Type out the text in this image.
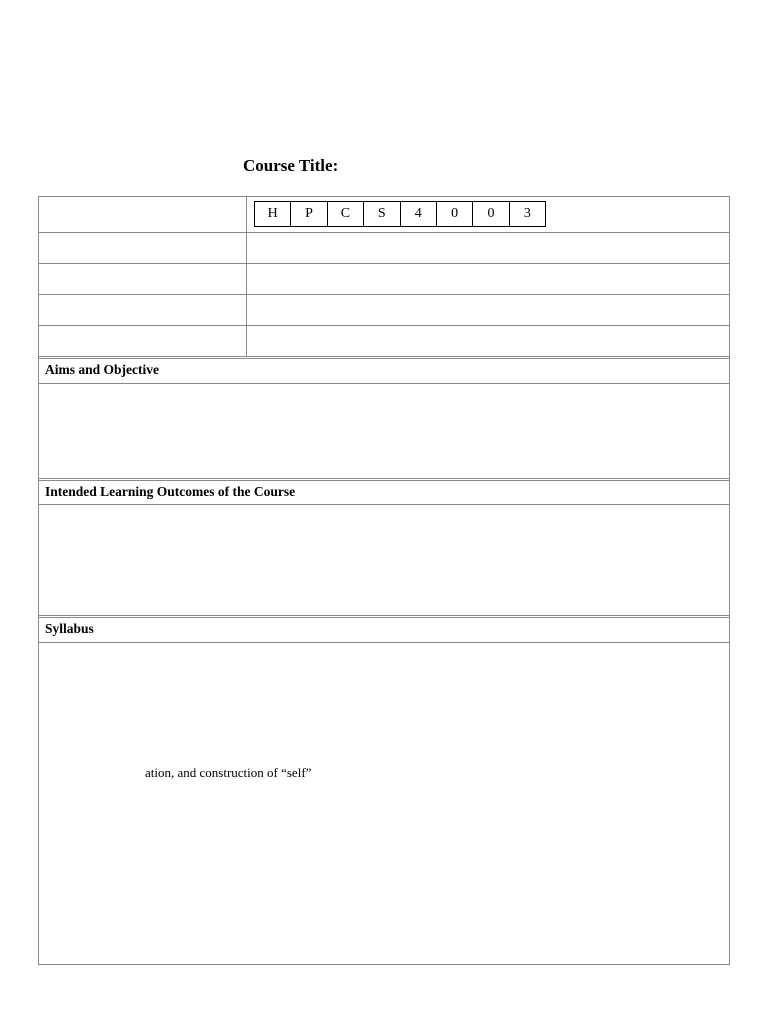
Course Title:
H	P	C	S	4	0	0	3
Aims and Objective
Intended Learning Outcomes of the Course
Syllabus
ation, and construction of “self”
